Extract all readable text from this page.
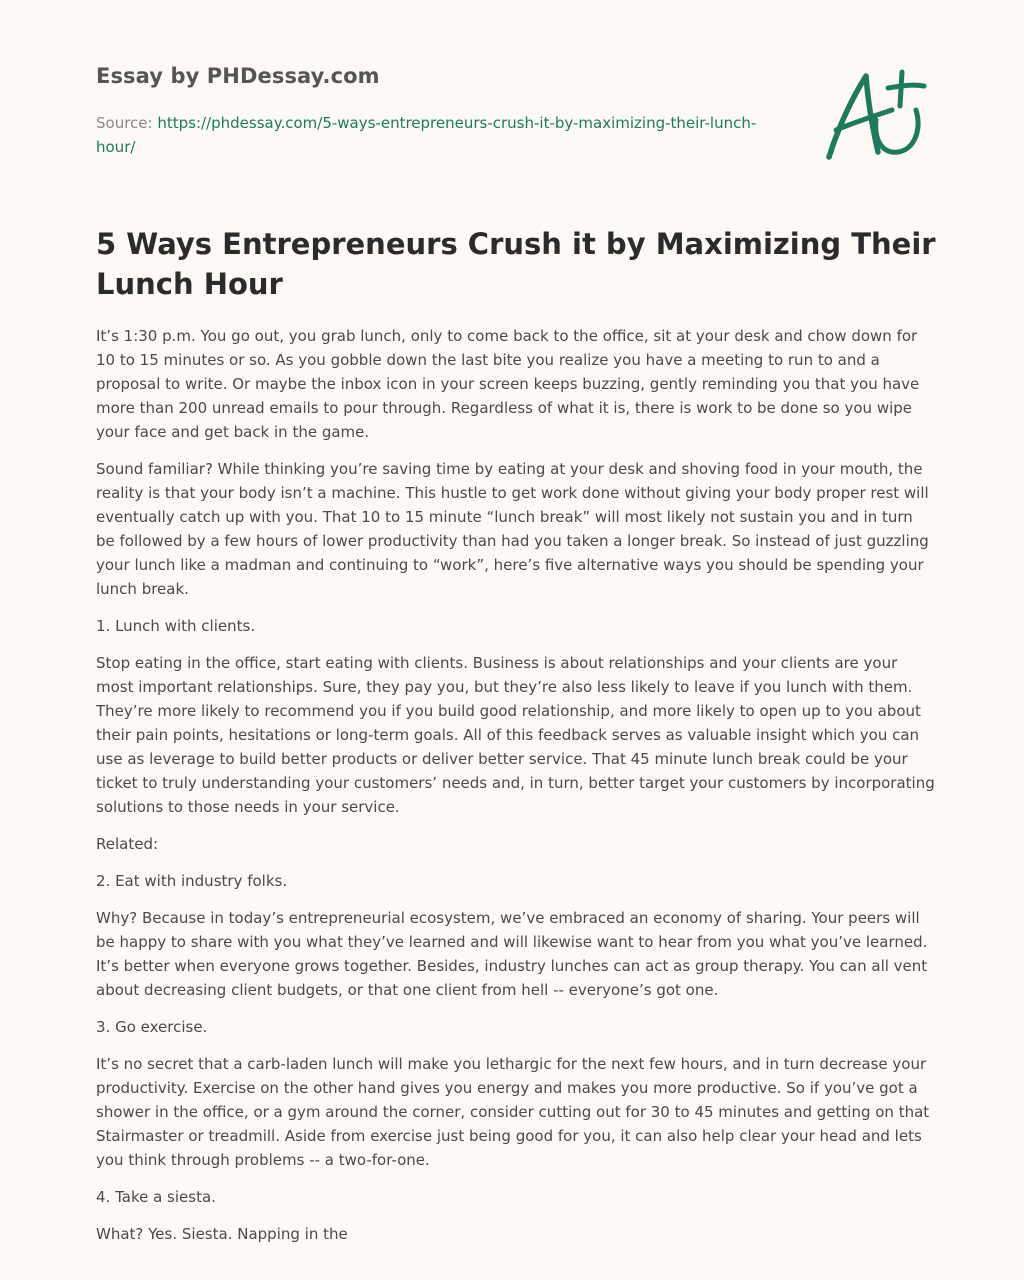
Essay by PHDessay.com
Source: https://phdessay.com/5-ways-entrepreneurs-crush-it-by-maximizing-their-lunch-hour/
5 Ways Entrepreneurs Crush it by Maximizing Their Lunch Hour

It’s 1:30 p.m. You go out, you grab lunch, only to come back to the office, sit at your desk and chow down for 10 to 15 minutes or so. As you gobble down the last bite you realize you have a meeting to run to and a proposal to write. Or maybe the inbox icon in your screen keeps buzzing, gently reminding you that you have more than 200 unread emails to pour through. Regardless of what it is, there is work to be done so you wipe your face and get back in the game.

Sound familiar? While thinking you’re saving time by eating at your desk and shoving food in your mouth, the reality is that your body isn’t a machine. This hustle to get work done without giving your body proper rest will eventually catch up with you. That 10 to 15 minute “lunch break” will most likely not sustain you and in turn be followed by a few hours of lower productivity than had you taken a longer break. So instead of just guzzling your lunch like a madman and continuing to “work”, here’s five alternative ways you should be spending your lunch break.

1. Lunch with clients.

Stop eating in the office, start eating with clients. Business is about relationships and your clients are your most important relationships. Sure, they pay you, but they’re also less likely to leave if you lunch with them. They’re more likely to recommend you if you build good relationship, and more likely to open up to you about their pain points, hesitations or long-term goals. All of this feedback serves as valuable insight which you can use as leverage to build better products or deliver better service. That 45 minute lunch break could be your ticket to truly understanding your customers’ needs and, in turn, better target your customers by incorporating solutions to those needs in your service.

Related:

2. Eat with industry folks.

Why? Because in today’s entrepreneurial ecosystem, we’ve embraced an economy of sharing. Your peers will be happy to share with you what they’ve learned and will likewise want to hear from you what you’ve learned. It’s better when everyone grows together. Besides, industry lunches can act as group therapy. You can all vent about decreasing client budgets, or that one client from hell -- everyone’s got one.

3. Go exercise.

It’s no secret that a carb-laden lunch will make you lethargic for the next few hours, and in turn decrease your productivity. Exercise on the other hand gives you energy and makes you more productive. So if you’ve got a shower in the office, or a gym around the corner, consider cutting out for 30 to 45 minutes and getting on that Stairmaster or treadmill. Aside from exercise just being good for you, it can also help clear your head and lets you think through problems -- a two-for-one.

4. Take a siesta.

What? Yes. Siesta. Napping in the
